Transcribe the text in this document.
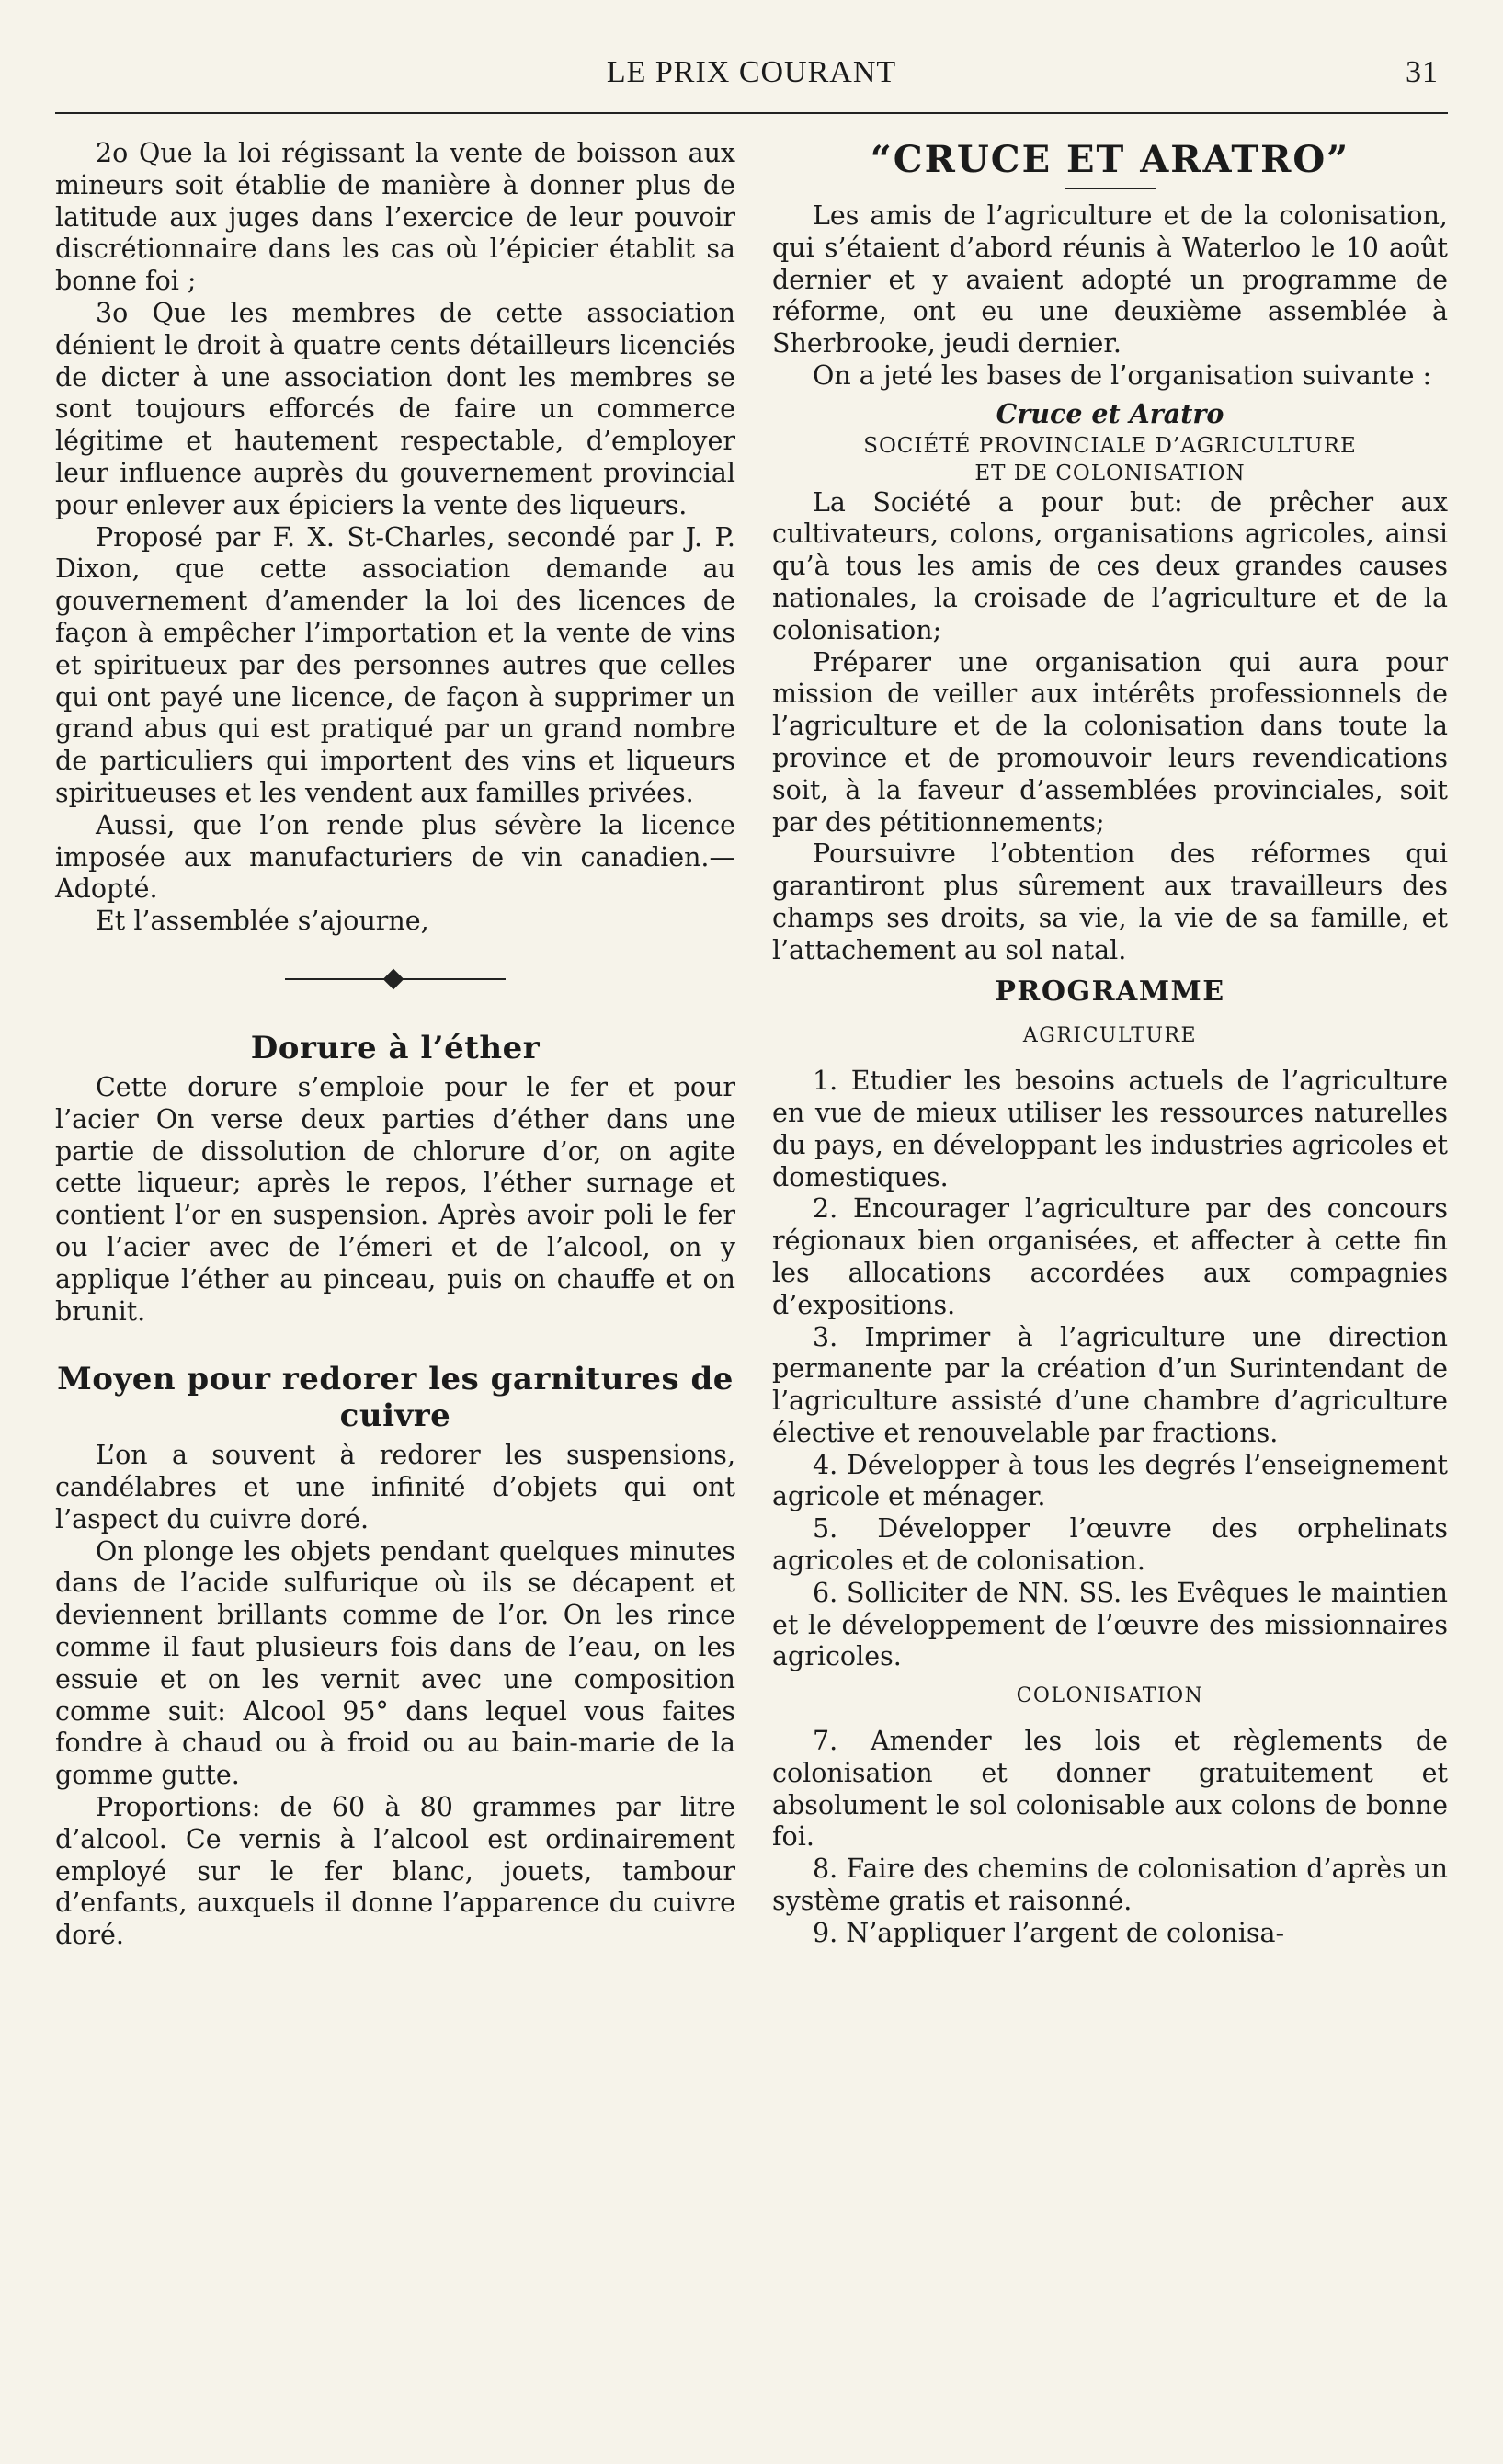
LE PRIX COURANT	31

2o Que la loi régissant la vente de boisson aux mineurs soit établie de manière à donner plus de latitude aux juges dans l’exercice de leur pouvoir discrétionnaire dans les cas où l’épicier établit sa bonne foi ;

3o Que les membres de cette association dénient le droit à quatre cents détailleurs licenciés de dicter à une association dont les membres se sont toujours efforcés de faire un commerce légitime et hautement respectable, d’employer leur influence auprès du gouvernement provincial pour enlever aux épiciers la vente des liqueurs.

Proposé par F. X. St-Charles, secondé par J. P. Dixon, que cette association demande au gouvernement d’amender la loi des licences de façon à empêcher l’importation et la vente de vins et spiritueux par des personnes autres que celles qui ont payé une licence, de façon à supprimer un grand abus qui est pratiqué par un grand nombre de particuliers qui importent des vins et liqueurs spiritueuses et les vendent aux familles privées.

Aussi, que l’on rende plus sévère la licence imposée aux manufacturiers de vin canadien.—Adopté.

Et l’assemblée s’ajourne,

Dorure à l’éther

Cette dorure s’emploie pour le fer et pour l’acier On verse deux parties d’éther dans une partie de dissolution de chlorure d’or, on agite cette liqueur; après le repos, l’éther surnage et contient l’or en suspension. Après avoir poli le fer ou l’acier avec de l’émeri et de l’alcool, on y applique l’éther au pinceau, puis on chauffe et on brunit.

Moyen pour redorer les garnitures de cuivre

L’on a souvent à redorer les suspensions, candélabres et une infinité d’objets qui ont l’aspect du cuivre doré.

On plonge les objets pendant quelques minutes dans de l’acide sulfurique où ils se décapent et deviennent brillants comme de l’or. On les rince comme il faut plusieurs fois dans de l’eau, on les essuie et on les vernit avec une composition comme suit: Alcool 95° dans lequel vous faites fondre à chaud ou à froid ou au bain-marie de la gomme gutte.

Proportions: de 60 à 80 grammes par litre d’alcool. Ce vernis à l’alcool est ordinairement employé sur le fer blanc, jouets, tambour d’enfants, auxquels il donne l’apparence du cuivre doré.

“CRUCE ET ARATRO”

Les amis de l’agriculture et de la colonisation, qui s’étaient d’abord réunis à Waterloo le 10 août dernier et y avaient adopté un programme de réforme, ont eu une deuxième assemblée à Sherbrooke, jeudi dernier.

On a jeté les bases de l’organisation suivante :

Cruce et Aratro
SOCIÉTÉ PROVINCIALE D’AGRICULTURE
ET DE COLONISATION

La Société a pour but: de prêcher aux cultivateurs, colons, organisations agricoles, ainsi qu’à tous les amis de ces deux grandes causes nationales, la croisade de l’agriculture et de la colonisation;

Préparer une organisation qui aura pour mission de veiller aux intérêts professionnels de l’agriculture et de la colonisation dans toute la province et de promouvoir leurs revendications soit, à la faveur d’assemblées provinciales, soit par des pétitionnements;

Poursuivre l’obtention des réformes qui garantiront plus sûrement aux travailleurs des champs ses droits, sa vie, la vie de sa famille, et l’attachement au sol natal.

PROGRAMME
AGRICULTURE

1. Etudier les besoins actuels de l’agriculture en vue de mieux utiliser les ressources naturelles du pays, en développant les industries agricoles et domestiques.

2. Encourager l’agriculture par des concours régionaux bien organisées, et affecter à cette fin les allocations accordées aux compagnies d’expositions.

3. Imprimer à l’agriculture une direction permanente par la création d’un Surintendant de l’agriculture assisté d’une chambre d’agriculture élective et renouvelable par fractions.

4. Développer à tous les degrés l’enseignement agricole et ménager.

5. Développer l’œuvre des orphelinats agricoles et de colonisation.

6. Solliciter de NN. SS. les Evêques le maintien et le développement de l’œuvre des missionnaires agricoles.

COLONISATION

7. Amender les lois et règlements de colonisation et donner gratuitement et absolument le sol colonisable aux colons de bonne foi.

8. Faire des chemins de colonisation d’après un système gratis et raisonné.

9. N’appliquer l’argent de colonisa-
